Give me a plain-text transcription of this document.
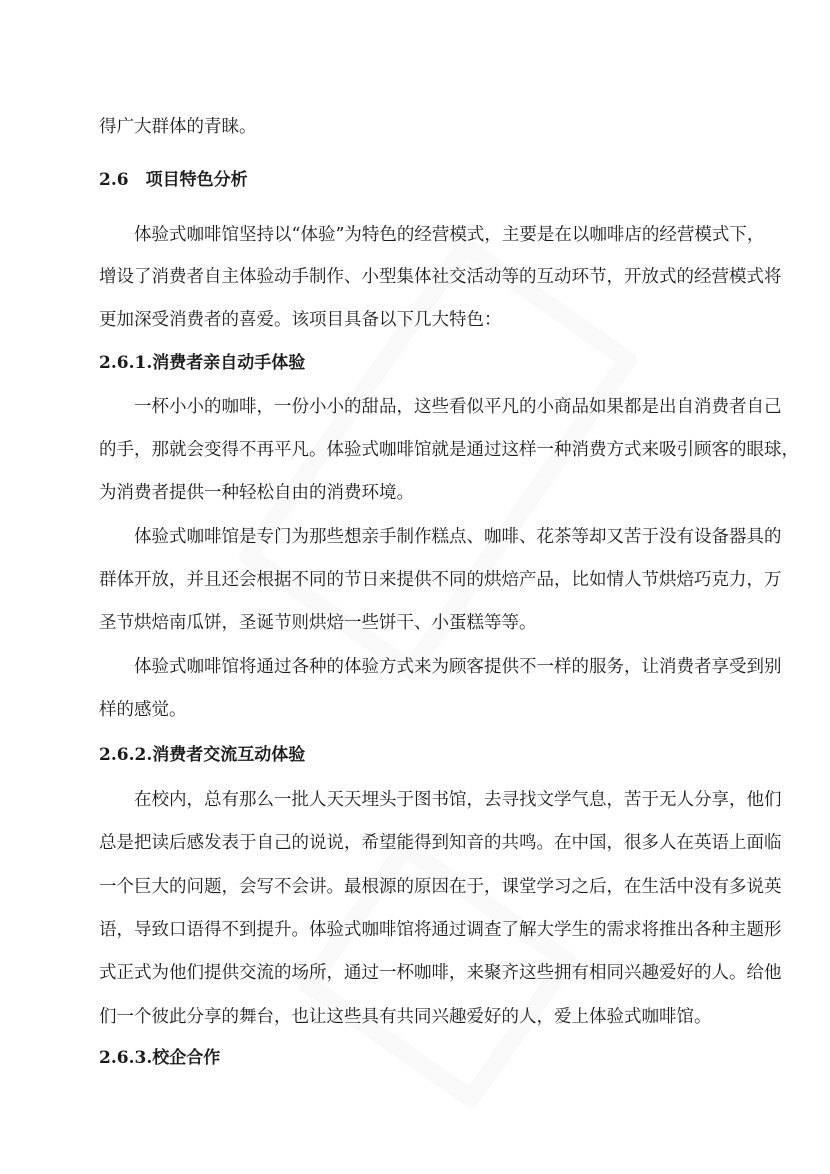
得广大群体的青睐。
2.6　项目特色分析
体验式咖啡馆坚持以“体验”为特色的经营模式，主要是在以咖啡店的经营模式下，
增设了消费者自主体验动手制作、小型集体社交活动等的互动环节，开放式的经营模式将
更加深受消费者的喜爱。该项目具备以下几大特色：
2.6.1.消费者亲自动手体验
一杯小小的咖啡，一份小小的甜品，这些看似平凡的小商品如果都是出自消费者自己
的手，那就会变得不再平凡。体验式咖啡馆就是通过这样一种消费方式来吸引顾客的眼球，
为消费者提供一种轻松自由的消费环境。
体验式咖啡馆是专门为那些想亲手制作糕点、咖啡、花茶等却又苦于没有设备器具的
群体开放，并且还会根据不同的节日来提供不同的烘焙产品，比如情人节烘焙巧克力，万
圣节烘焙南瓜饼，圣诞节则烘焙一些饼干、小蛋糕等等。
体验式咖啡馆将通过各种的体验方式来为顾客提供不一样的服务，让消费者享受到别
样的感觉。
2.6.2.消费者交流互动体验
在校内，总有那么一批人天天埋头于图书馆，去寻找文学气息，苦于无人分享，他们
总是把读后感发表于自己的说说，希望能得到知音的共鸣。在中国，很多人在英语上面临
一个巨大的问题，会写不会讲。最根源的原因在于，课堂学习之后，在生活中没有多说英
语，导致口语得不到提升。体验式咖啡馆将通过调查了解大学生的需求将推出各种主题形
式正式为他们提供交流的场所，通过一杯咖啡，来聚齐这些拥有相同兴趣爱好的人。给他
们一个彼此分享的舞台，也让这些具有共同兴趣爱好的人，爱上体验式咖啡馆。
2.6.3.校企合作
